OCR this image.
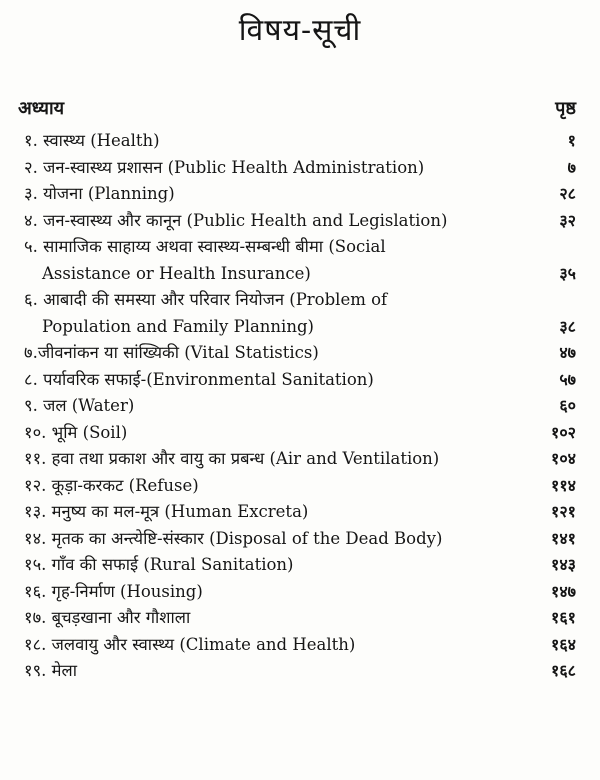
विषय-सूची
अध्याय	पृष्ठ
१. स्वास्थ्य (Health)	१
२. जन-स्वास्थ्य प्रशासन (Public Health Administration)	७
३. योजना (Planning)	२८
४. जन-स्वास्थ्य और कानून (Public Health and Legislation)	३२
५. सामाजिक साहाय्य अथवा स्वास्थ्य-सम्बन्धी बीमा (Social
Assistance or Health Insurance)	३५
६. आबादी की समस्या और परिवार नियोजन (Problem of
Population and Family Planning)	३८
७.जीवनांकन या सांख्यिकी (Vital Statistics)	४७
८. पर्यावरिक सफाई-(Environmental Sanitation)	५७
९. जल (Water)	६०
१०. भूमि (Soil)	१०२
११. हवा तथा प्रकाश और वायु का प्रबन्ध (Air and Ventilation)	१०४
१२. कूड़ा-करकट (Refuse)	११४
१३. मनुष्य का मल-मूत्र (Human Excreta)	१२१
१४. मृतक का अन्त्येष्टि-संस्कार (Disposal of the Dead Body)	१४१
१५. गाँव की सफाई (Rural Sanitation)	१४३
१६. गृह-निर्माण (Housing)	१४७
१७. बूचड़खाना और गौशाला	१६१
१८. जलवायु और स्वास्थ्य (Climate and Health)	१६४
१९. मेला	१६८
